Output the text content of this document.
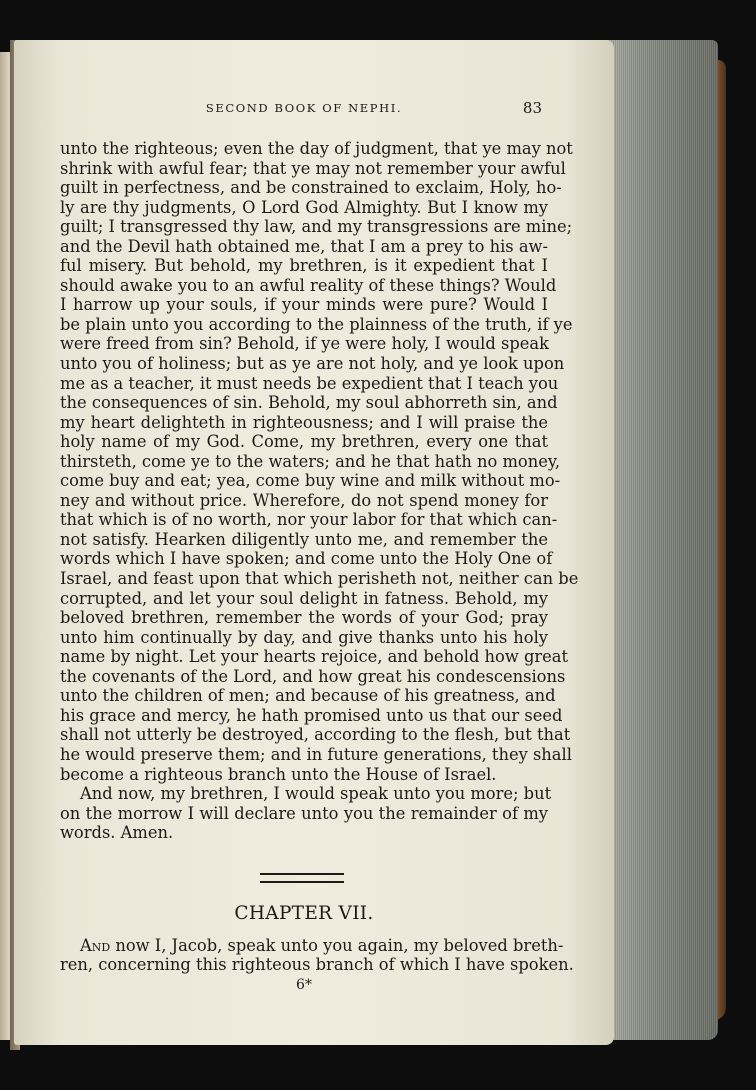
SECOND BOOK OF NEPHI.	83
unto the righteous; even the day of judgment, that ye may not
shrink with awful fear; that ye may not remember your awful
guilt in perfectness, and be constrained to exclaim, Holy, ho-
ly are thy judgments, O Lord God Almighty. But I know my
guilt; I transgressed thy law, and my transgressions are mine;
and the Devil hath obtained me, that I am a prey to his aw-
ful misery. But behold, my brethren, is it expedient that I
should awake you to an awful reality of these things? Would
I harrow up your souls, if your minds were pure? Would I
be plain unto you according to the plainness of the truth, if ye
were freed from sin? Behold, if ye were holy, I would speak
unto you of holiness; but as ye are not holy, and ye look upon
me as a teacher, it must needs be expedient that I teach you
the consequences of sin. Behold, my soul abhorreth sin, and
my heart delighteth in righteousness; and I will praise the
holy name of my God. Come, my brethren, every one that
thirsteth, come ye to the waters; and he that hath no money,
come buy and eat; yea, come buy wine and milk without mo-
ney and without price. Wherefore, do not spend money for
that which is of no worth, nor your labor for that which can-
not satisfy. Hearken diligently unto me, and remember the
words which I have spoken; and come unto the Holy One of
Israel, and feast upon that which perisheth not, neither can be
corrupted, and let your soul delight in fatness. Behold, my
beloved brethren, remember the words of your God; pray
unto him continually by day, and give thanks unto his holy
name by night. Let your hearts rejoice, and behold how great
the covenants of the Lord, and how great his condescensions
unto the children of men; and because of his greatness, and
his grace and mercy, he hath promised unto us that our seed
shall not utterly be destroyed, according to the flesh, but that
he would preserve them; and in future generations, they shall
become a righteous branch unto the House of Israel.
And now, my brethren, I would speak unto you more; but
on the morrow I will declare unto you the remainder of my
words. Amen.
CHAPTER VII.
And now I, Jacob, speak unto you again, my beloved breth-
ren, concerning this righteous branch of which I have spoken.
6*
